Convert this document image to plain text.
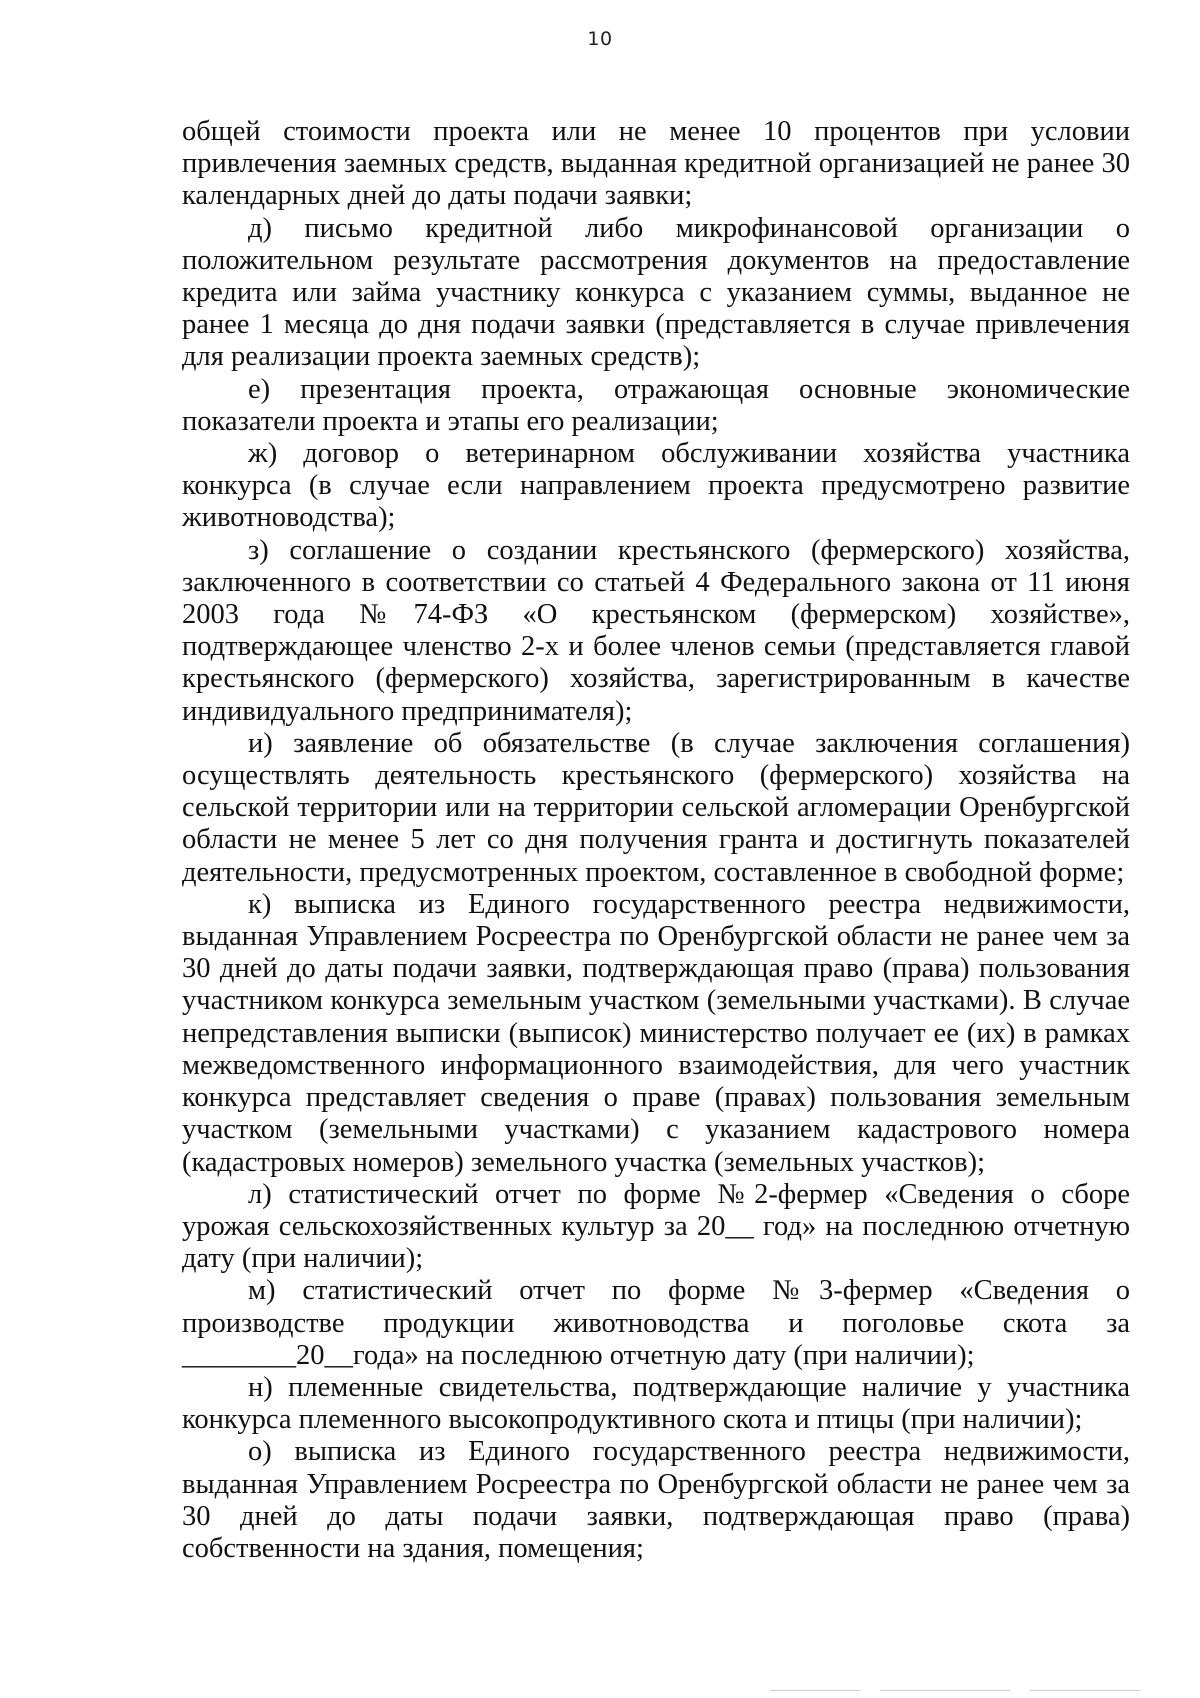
10

общей стоимости проекта или не менее 10 процентов при условии привлечения заемных средств, выданная кредитной организацией не ранее 30 календарных дней до даты подачи заявки;

д) письмо кредитной либо микрофинансовой организации о положительном результате рассмотрения документов на предоставление кредита или займа участнику конкурса с указанием суммы, выданное не ранее 1 месяца до дня подачи заявки (представляется в случае привлечения для реализации проекта заемных средств);

е) презентация проекта, отражающая основные экономические показатели проекта и этапы его реализации;

ж) договор о ветеринарном обслуживании хозяйства участника конкурса (в случае если направлением проекта предусмотрено развитие животноводства);

з) соглашение о создании крестьянского (фермерского) хозяйства, заключенного в соответствии со статьей 4 Федерального закона от 11 июня 2003 года №74-ФЗ «О крестьянском (фермерском) хозяйстве», подтверждающее членство 2-х и более членов семьи (представляется главой крестьянского (фермерского) хозяйства, зарегистрированным в качестве индивидуального предпринимателя);

и) заявление об обязательстве (в случае заключения соглашения) осуществлять деятельность крестьянского (фермерского) хозяйства на сельской территории или на территории сельской агломерации Оренбургской области не менее 5 лет со дня получения гранта и достигнуть показателей деятельности, предусмотренных проектом, составленное в свободной форме;

к) выписка из Единого государственного реестра недвижимости, выданная Управлением Росреестра по Оренбургской области не ранее чем за 30 дней до даты подачи заявки, подтверждающая право (права) пользования участником конкурса земельным участком (земельными участками). В случае непредставления выписки (выписок) министерство получает ее (их) в рамках межведомственного информационного взаимодействия, для чего участник конкурса представляет сведения о праве (правах) пользования земельным участком (земельными участками) с указанием кадастрового номера (кадастровых номеров) земельного участка (земельных участков);

л) статистический отчет по форме №2-фермер «Сведения о сборе урожая сельскохозяйственных культур за 20__ год» на последнюю отчетную дату (при наличии);

м) статистический отчет по форме №3-фермер «Сведения о производстве продукции животноводства и поголовье скота за ________20__года» на последнюю отчетную дату (при наличии);

н) племенные свидетельства, подтверждающие наличие у участника конкурса племенного высокопродуктивного скота и птицы (при наличии);

о) выписка из Единого государственного реестра недвижимости, выданная Управлением Росреестра по Оренбургской области не ранее чем за 30 дней до даты подачи заявки, подтверждающая право (права) собственности на здания, помещения;
